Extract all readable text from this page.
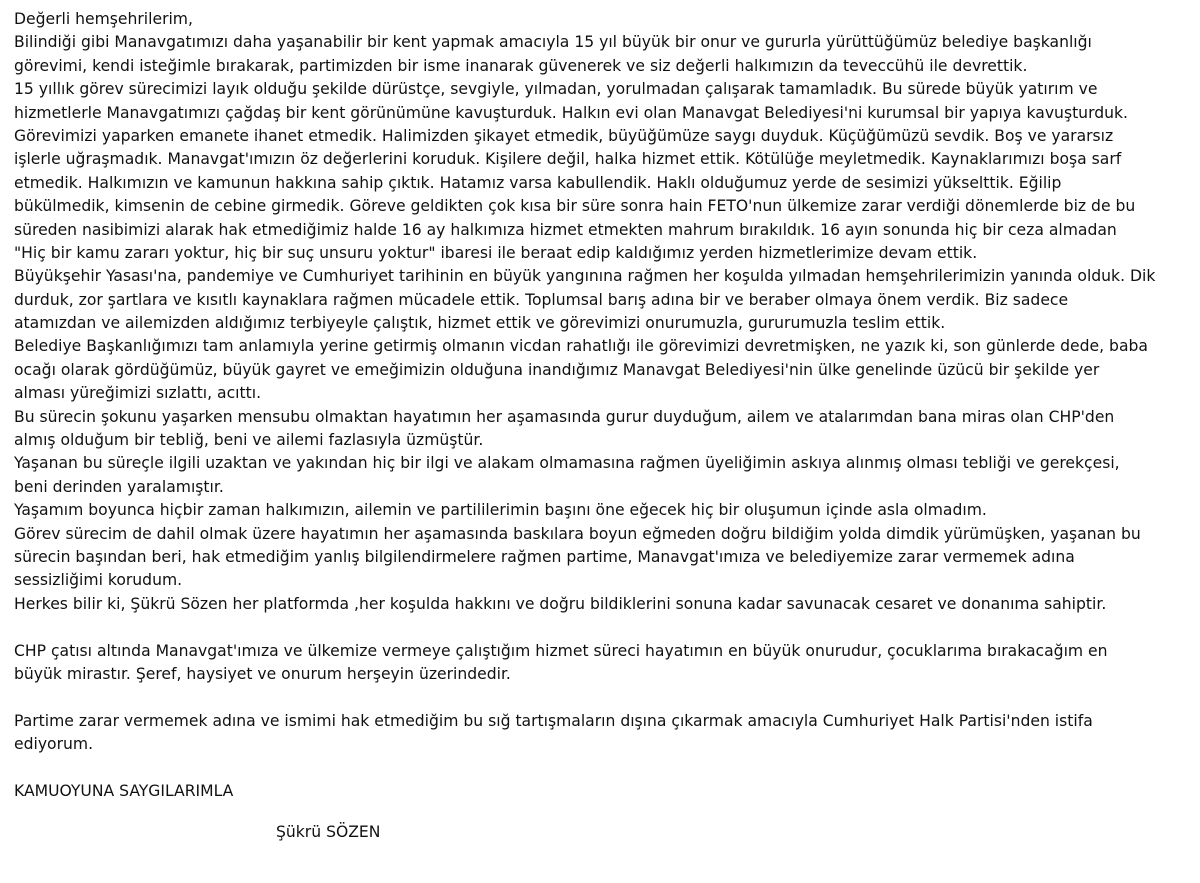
Değerli hemşehrilerim,
Bilindiği gibi Manavgatımızı daha yaşanabilir bir kent yapmak amacıyla 15 yıl büyük bir onur ve gururla yürüttüğümüz belediye başkanlığı
görevimi, kendi isteğimle bırakarak, partimizden bir isme inanarak güvenerek ve siz değerli halkımızın da teveccühü ile devrettik.
15 yıllık görev sürecimizi layık olduğu şekilde dürüstçe, sevgiyle, yılmadan, yorulmadan çalışarak tamamladık. Bu sürede büyük yatırım ve
hizmetlerle Manavgatımızı çağdaş bir kent görünümüne kavuşturduk. Halkın evi olan Manavgat Belediyesi'ni kurumsal bir yapıya kavuşturduk.
Görevimizi yaparken emanete ihanet etmedik. Halimizden şikayet etmedik, büyüğümüze saygı duyduk. Küçüğümüzü sevdik. Boş ve yararsız
işlerle uğraşmadık. Manavgat'ımızın öz değerlerini koruduk. Kişilere değil, halka hizmet ettik. Kötülüğe meyletmedik. Kaynaklarımızı boşa sarf
etmedik. Halkımızın ve kamunun hakkına sahip çıktık. Hatamız varsa kabullendik. Haklı olduğumuz yerde de sesimizi yükselttik. Eğilip
bükülmedik, kimsenin de cebine girmedik. Göreve geldikten çok kısa bir süre sonra hain FETO'nun ülkemize zarar verdiği dönemlerde biz de bu
süreden nasibimizi alarak hak etmediğimiz halde 16 ay halkımıza hizmet etmekten mahrum bırakıldık. 16 ayın sonunda hiç bir ceza almadan
"Hiç bir kamu zararı yoktur, hiç bir suç unsuru yoktur" ibaresi ile beraat edip kaldığımız yerden hizmetlerimize devam ettik.
Büyükşehir Yasası'na, pandemiye ve Cumhuriyet tarihinin en büyük yangınına rağmen her koşulda yılmadan hemşehrilerimizin yanında olduk. Dik
durduk, zor şartlara ve kısıtlı kaynaklara rağmen mücadele ettik. Toplumsal barış adına bir ve beraber olmaya önem verdik. Biz sadece
atamızdan ve ailemizden aldığımız terbiyeyle çalıştık, hizmet ettik ve görevimizi onurumuzla, gururumuzla teslim ettik.
Belediye Başkanlığımızı tam anlamıyla yerine getirmiş olmanın vicdan rahatlığı ile görevimizi devretmişken, ne yazık ki, son günlerde dede, baba
ocağı olarak gördüğümüz, büyük gayret ve emeğimizin olduğuna inandığımız Manavgat Belediyesi'nin ülke genelinde üzücü bir şekilde yer
alması yüreğimizi sızlattı, acıttı.
Bu sürecin şokunu yaşarken mensubu olmaktan hayatımın her aşamasında gurur duyduğum, ailem ve atalarımdan bana miras olan CHP'den
almış olduğum bir tebliğ, beni ve ailemi fazlasıyla üzmüştür.
Yaşanan bu süreçle ilgili uzaktan ve yakından hiç bir ilgi ve alakam olmamasına rağmen üyeliğimin askıya alınmış olması tebliği ve gerekçesi,
beni derinden yaralamıştır.
Yaşamım boyunca hiçbir zaman halkımızın, ailemin ve partililerimin başını öne eğecek hiç bir oluşumun içinde asla olmadım.
Görev sürecim de dahil olmak üzere hayatımın her aşamasında baskılara boyun eğmeden doğru bildiğim yolda dimdik yürümüşken, yaşanan bu
sürecin başından beri, hak etmediğim yanlış bilgilendirmelere rağmen partime, Manavgat'ımıza ve belediyemize zarar vermemek adına
sessizliğimi korudum.
Herkes bilir ki, Şükrü Sözen her platformda ,her koşulda hakkını ve doğru bildiklerini sonuna kadar savunacak cesaret ve donanıma sahiptir.
CHP çatısı altında Manavgat'ımıza ve ülkemize vermeye çalıştığım hizmet süreci hayatımın en büyük onurudur, çocuklarıma bırakacağım en
büyük mirastır. Şeref, haysiyet ve onurum herşeyin üzerindedir.
Partime zarar vermemek adına ve ismimi hak etmediğim bu sığ tartışmaların dışına çıkarmak amacıyla Cumhuriyet Halk Partisi'nden istifa
ediyorum.
KAMUOYUNA SAYGILARIMLA
Şükrü SÖZEN
